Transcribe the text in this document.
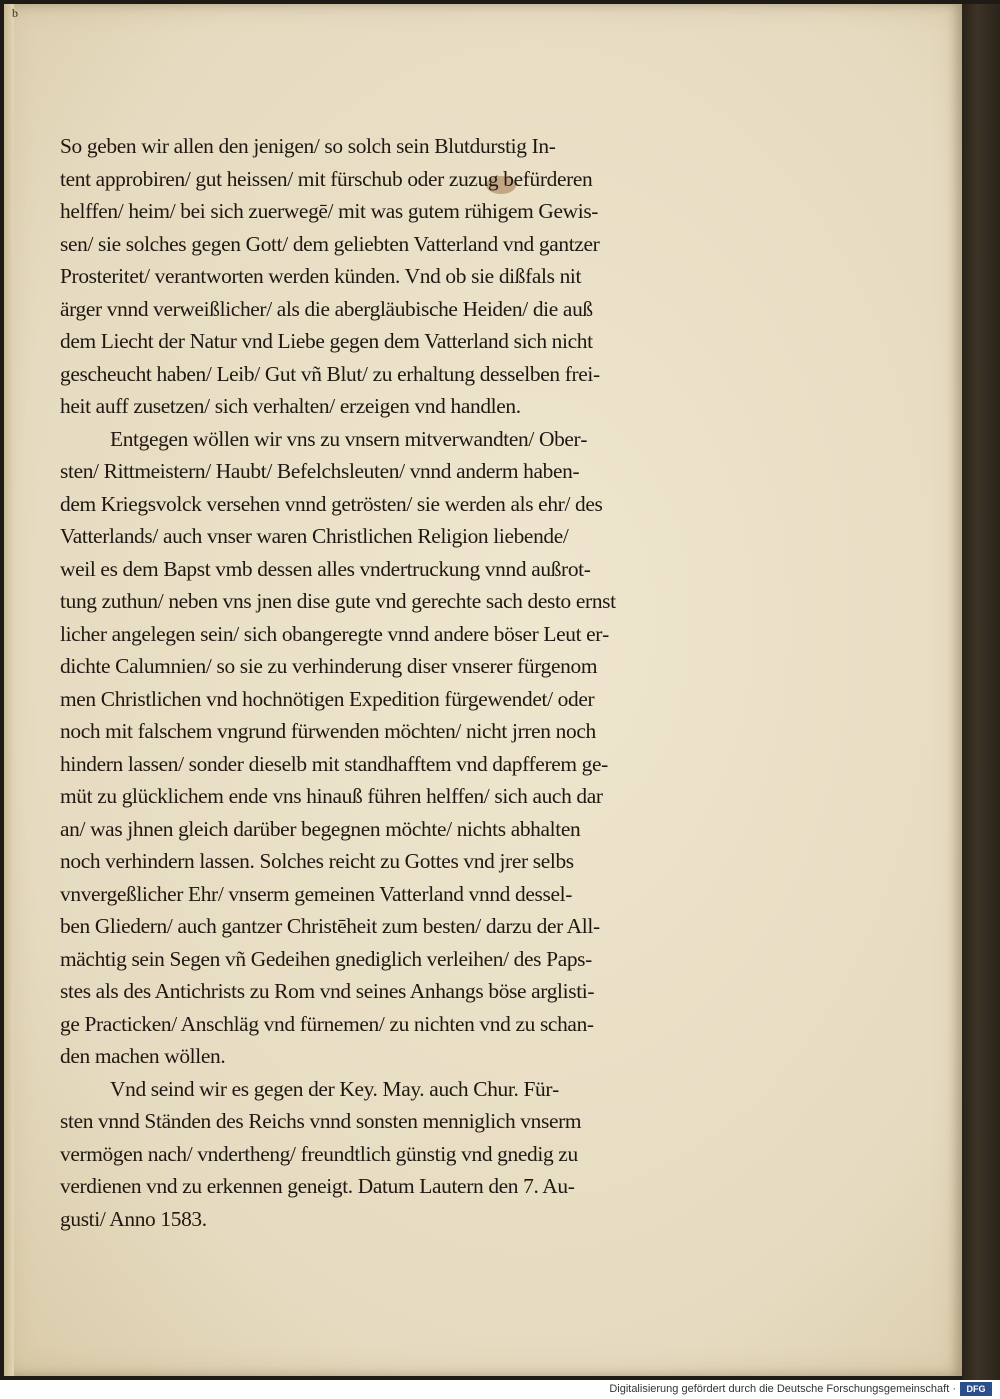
b
So geben wir allen den jenigen/ so solch sein Blutdurstig In‑
tent approbiren/ gut heissen/ mit fürschub oder zuzug befürderen
helffen/ heim/ bei sich zuerwegē/ mit was gutem rühigem Gewis‑
sen/ sie solches gegen Gott/ dem geliebten Vatterland vnd gantzer
Prosteritet/ verantworten werden künden. Vnd ob sie dißfals nit
ärger vnnd verweißlicher/ als die abergläubische Heiden/ die auß
dem Liecht der Natur vnd Liebe gegen dem Vatterland sich nicht
gescheucht haben/ Leib/ Gut vñ Blut/ zu erhaltung desselben frei‑
heit auff zusetzen/ sich verhalten/ erzeigen vnd handlen.
Entgegen wöllen wir vns zu vnsern mitverwandten/ Ober‑
sten/ Rittmeistern/ Haubt/ Befelchsleuten/ vnnd anderm haben‑
dem Kriegsvolck versehen vnnd getrösten/ sie werden als ehr/ des
Vatterlands/ auch vnser waren Christlichen Religion liebende/
weil es dem Bapst vmb dessen alles vndertruckung vnnd außrot‑
tung zuthun/ neben vns jnen dise gute vnd gerechte sach desto ernst
licher angelegen sein/ sich obangeregte vnnd andere böser Leut er‑
dichte Calumnien/ so sie zu verhinderung diser vnserer fürgenom
men Christlichen vnd hochnötigen Expedition fürgewendet/ oder
noch mit falschem vngrund fürwenden möchten/ nicht jrren noch
hindern lassen/ sonder dieselb mit standhafftem vnd dapfferem ge‑
müt zu glücklichem ende vns hinauß führen helffen/ sich auch dar
an/ was jhnen gleich darüber begegnen möchte/ nichts abhalten
noch verhindern lassen. Solches reicht zu Gottes vnd jrer selbs
vnvergeßlicher Ehr/ vnserm gemeinen Vatterland vnnd dessel‑
ben Gliedern/ auch gantzer Christēheit zum besten/ darzu der All‑
mächtig sein Segen vñ Gedeihen gnediglich verleihen/ des Paps‑
stes als des Antichrists zu Rom vnd seines Anhangs böse arglisti‑
ge Practicken/ Anschläg vnd fürnemen/ zu nichten vnd zu schan‑
den machen wöllen.
Vnd seind wir es gegen der Key. May. auch Chur. Für‑
sten vnnd Ständen des Reichs vnnd sonsten menniglich vnserm
vermögen nach/ vndertheng/ freundtlich günstig vnd gnedig zu
verdienen vnd zu erkennen geneigt. Datum Lautern den 7. Au‑
gusti/ Anno 1583.
Digitalisierung gefördert durch die Deutsche Forschungsgemeinschaft ·	DFG
